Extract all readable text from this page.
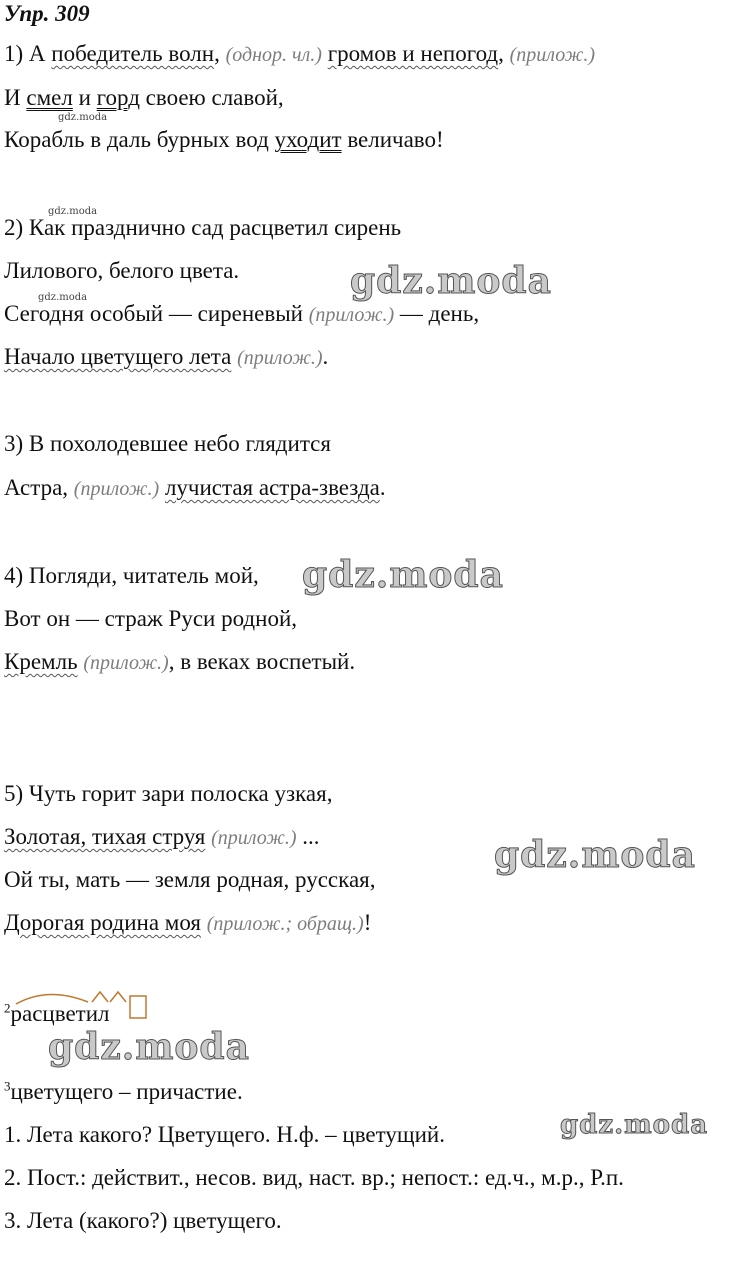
Упр. 309
1) А победитель волн, (однор. чл.) громов и непогод, (прилож.)
И смел и горд своею славой,
gdz.moda
Корабль в даль бурных вод уходит величаво!
gdz.moda
2) Как празднично сад расцветил сирень
Лилового, белого цвета.	gdz.moda
gdz.moda
Сегодня особый — сиреневый (прилож.) — день,
Начало цветущего лета (прилож.).
3) В похолодевшее небо глядится
Астра, (прилож.) лучистая астра-звезда.
4) Погляди, читатель мой, gdz.moda
Вот он — страж Руси родной,
Кремль (прилож.), в веках воспетый.
5) Чуть горит зари полоска узкая,
Золотая, тихая струя (прилож.) ...	gdz.moda
Ой ты, мать — земля родная, русская,
Дорогая родина моя (прилож.; обращ.)!
$^2$расцветил
gdz.moda
$^3$цветущего – причастие.
1. Лета какого? Цветущего. Н.ф. – цветущий.	gdz.moda
2. Пост.: действит., несов. вид, наст. вр.; непост.: ед.ч., м.р., Р.п.
3. Лета (какого?) цветущего.
